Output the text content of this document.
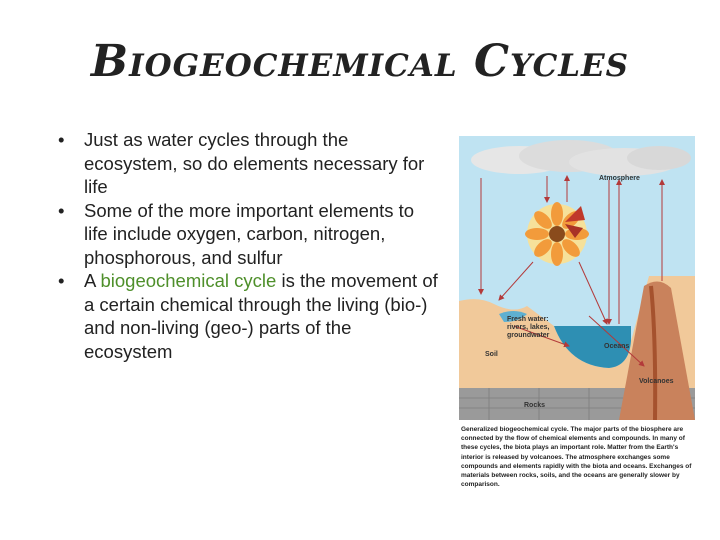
Biogeochemical Cycles
• Just as water cycles through the ecosystem, so do elements necessary for life
• Some of the more important elements to life include oxygen, carbon, nitrogen, phosphorous, and sulfur
• A biogeochemical cycle is the movement of a certain chemical through the living (bio-) and non-living (geo-) parts of the ecosystem
Atmosphere
Fresh water:
rivers, lakes,
groundwater
Oceans
Soil
Volcanoes
Rocks
Generalized biogeochemical cycle. The major parts of the biosphere are connected by the flow of chemical elements and compounds. In many of these cycles, the biota plays an important role. Matter from the Earth's interior is released by volcanoes. The atmosphere exchanges some compounds and elements rapidly with the biota and oceans. Exchanges of materials between rocks, soils, and the oceans are generally slower by comparison.
